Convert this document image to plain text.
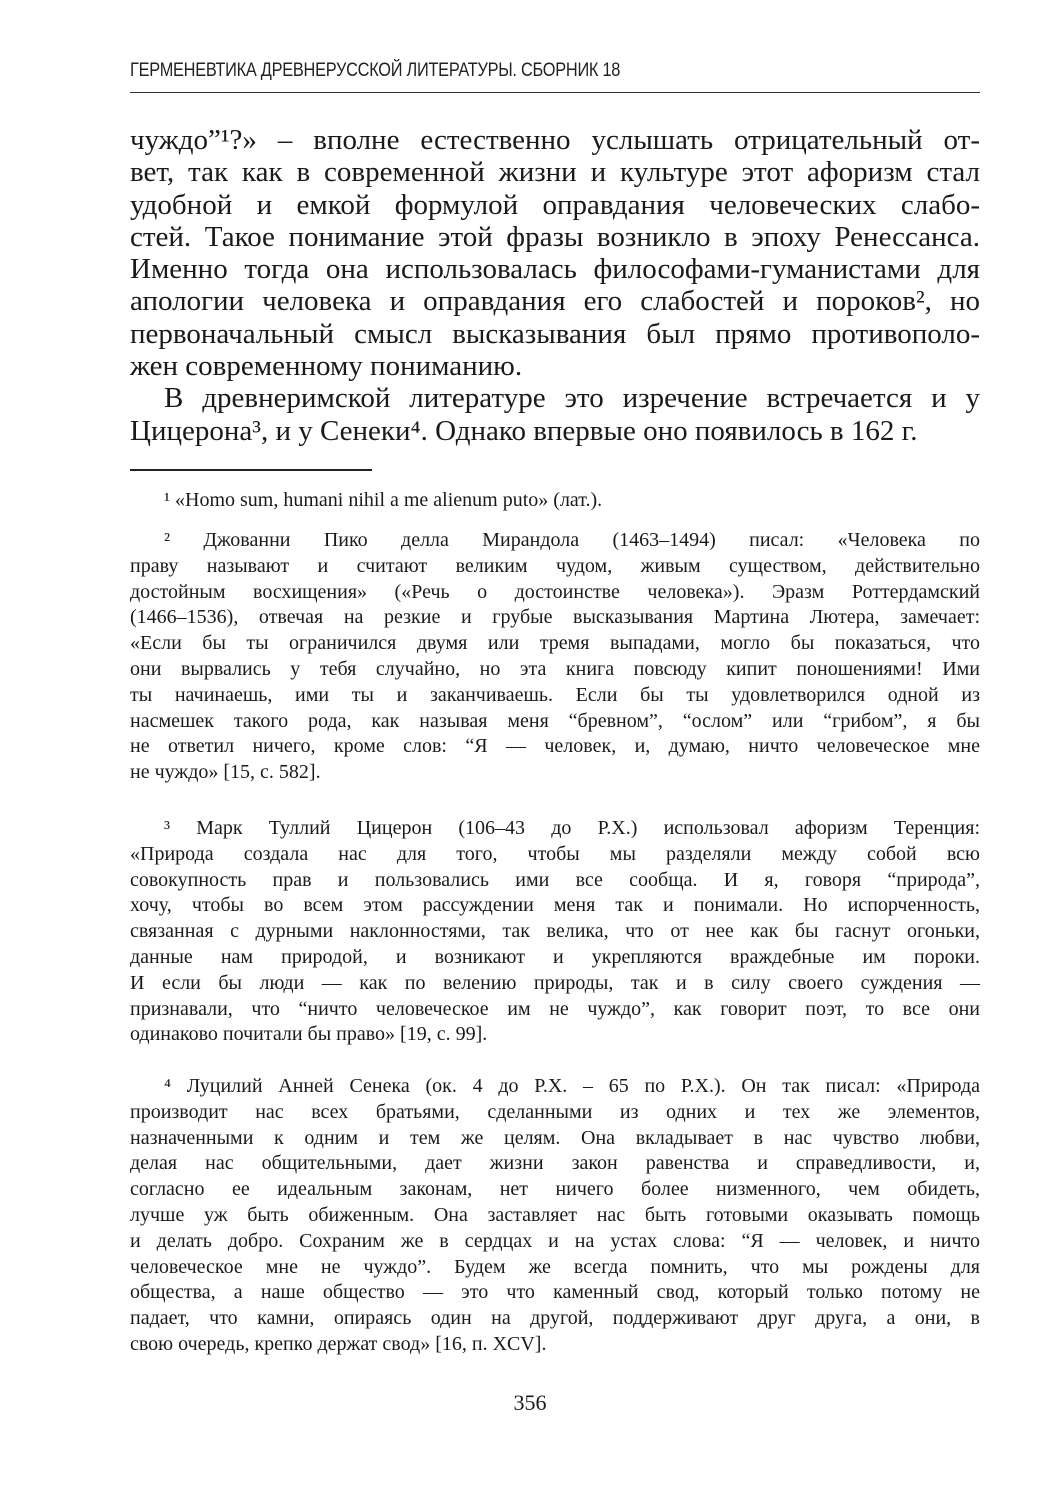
ГЕРМЕНЕВТИКА ДРЕВНЕРУССКОЙ ЛИТЕРАТУРЫ. СБОРНИК 18
чуждо”¹?» – вполне естественно услышать отрицательный от-
вет, так как в современной жизни и культуре этот афоризм стал
удобной и емкой формулой оправдания человеческих слабо-
стей. Такое понимание этой фразы возникло в эпоху Ренессанса.
Именно тогда она использовалась философами-гуманистами для
апологии человека и оправдания его слабостей и пороков², но
первоначальный смысл высказывания был прямо противополо-
жен современному пониманию.
В древнеримской литературе это изречение встречается и у
Цицерона³, и у Сенеки⁴. Однако впервые оно появилось в 162 г.
¹ «Homo sum, humani nihil a me alienum puto» (лат.).
² Джованни Пико делла Мирандола (1463–1494) писал: «Человека по
праву называют и считают великим чудом, живым существом, действительно
достойным восхищения» («Речь о достоинстве человека»). Эразм Роттердамский
(1466–1536), отвечая на резкие и грубые высказывания Мартина Лютера, замечает:
«Если бы ты ограничился двумя или тремя выпадами, могло бы показаться, что
они вырвались у тебя случайно, но эта книга повсюду кипит поношениями! Ими
ты начинаешь, ими ты и заканчиваешь. Если бы ты удовлетворился одной из
насмешек такого рода, как называя меня “бревном”, “ослом” или “грибом”, я бы
не ответил ничего, кроме слов: “Я — человек, и, думаю, ничто человеческое мне
не чуждо» [15, с. 582].
³ Марк Туллий Цицерон (106–43 до Р.Х.) использовал афоризм Теренция:
«Природа создала нас для того, чтобы мы разделяли между собой всю
совокупность прав и пользовались ими все сообща. И я, говоря “природа”,
хочу, чтобы во всем этом рассуждении меня так и понимали. Но испорченность,
связанная с дурными наклонностями, так велика, что от нее как бы гаснут огоньки,
данные нам природой, и возникают и укрепляются враждебные им пороки.
И если бы люди — как по велению природы, так и в силу своего суждения —
признавали, что “ничто человеческое им не чуждо”, как говорит поэт, то все они
одинаково почитали бы право» [19, с. 99].
⁴ Луцилий Анней Сенека (ок. 4 до Р.Х. – 65 по Р.Х.). Он так писал: «Природа
производит нас всех братьями, сделанными из одних и тех же элементов,
назначенными к одним и тем же целям. Она вкладывает в нас чувство любви,
делая нас общительными, дает жизни закон равенства и справедливости, и,
согласно ее идеальным законам, нет ничего более низменного, чем обидеть,
лучше уж быть обиженным. Она заставляет нас быть готовыми оказывать помощь
и делать добро. Сохраним же в сердцах и на устах слова: “Я — человек, и ничто
человеческое мне не чуждо”. Будем же всегда помнить, что мы рождены для
общества, а наше общество — это что каменный свод, который только потому не
падает, что камни, опираясь один на другой, поддерживают друг друга, а они, в
свою очередь, крепко держат свод» [16, п. XCV].
356
